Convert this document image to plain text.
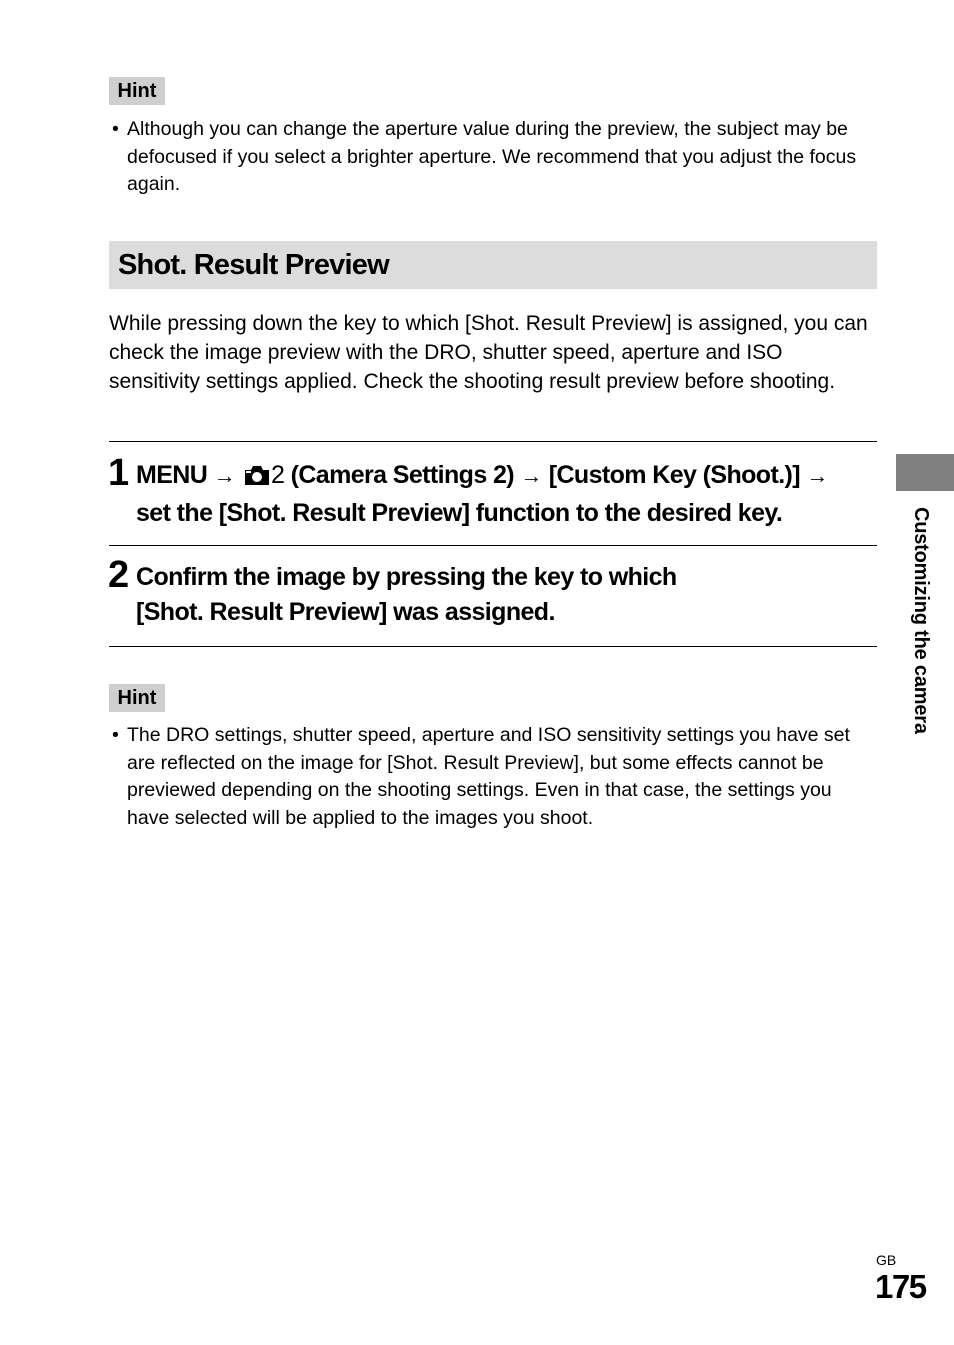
Hint
• Although you can change the aperture value during the preview, the subject may be defocused if you select a brighter aperture. We recommend that you adjust the focus again.
Shot. Result Preview
While pressing down the key to which [Shot. Result Preview] is assigned, you can check the image preview with the DRO, shutter speed, aperture and ISO sensitivity settings applied. Check the shooting result preview before shooting.
1 MENU → 2 (Camera Settings 2) → [Custom Key (Shoot.)] →
set the [Shot. Result Preview] function to the desired key.
2 Confirm the image by pressing the key to which
[Shot. Result Preview] was assigned.
Hint
• The DRO settings, shutter speed, aperture and ISO sensitivity settings you have set are reflected on the image for [Shot. Result Preview], but some effects cannot be previewed depending on the shooting settings. Even in that case, the settings you have selected will be applied to the images you shoot.
Customizing the camera
GB
175
